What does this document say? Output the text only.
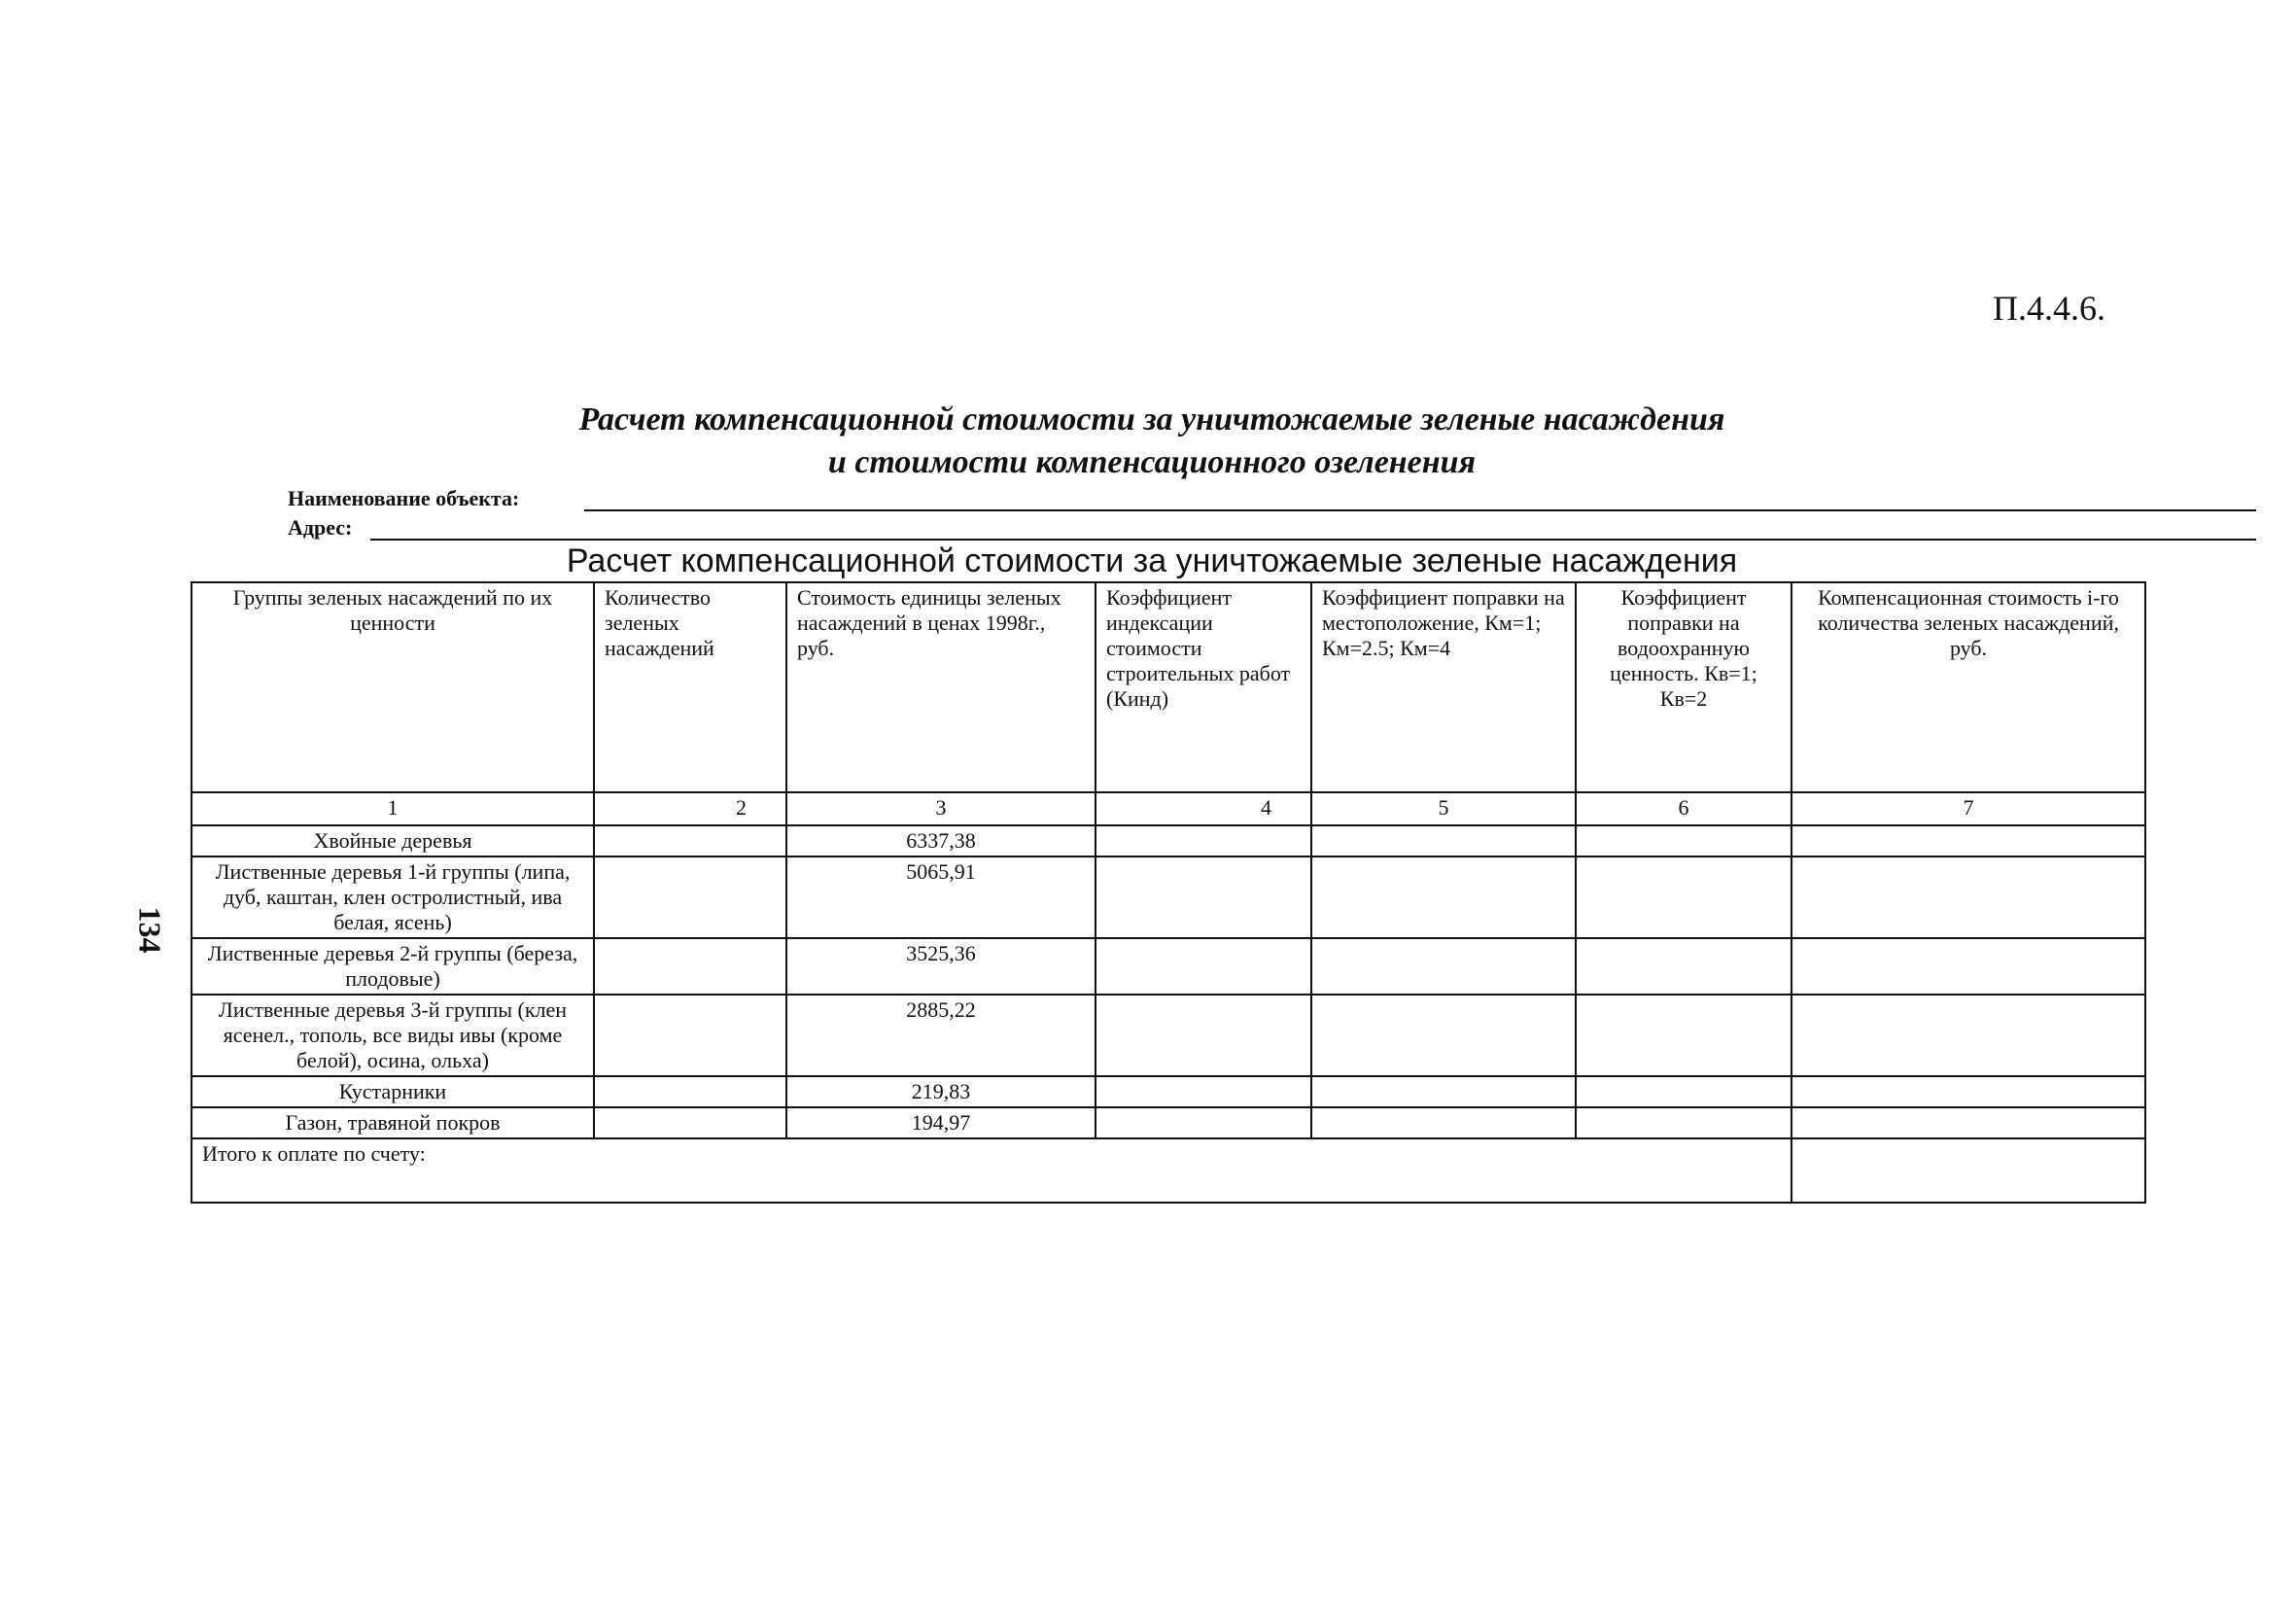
П.4.4.6.
134
Расчет компенсационной стоимости за уничтожаемые зеленые насаждения
и стоимости компенсационного озеленения
Наименование объекта:
Адрес:
Расчет компенсационной стоимости за уничтожаемые зеленые насаждения
Группы зеленых насаждений по их ценности	Количество зеленых насаждений	Стоимость единицы зеленых насаждений в ценах 1998г., руб.	Коэффициент индексации стоимости строительных работ (Кинд)	Коэффициент поправки на местоположение, Км=1; Км=2.5; Км=4	Коэффициент поправки на водоохранную ценность. Кв=1; Кв=2	Компенсационная стоимость i-го количества зеленых насаждений, руб.
1	2	3	4	5	6	7
Хвойные деревья		6337,38				
Лиственные деревья 1-й группы (липа, дуб, каштан, клен остролистный, ива белая, ясень)		5065,91				
Лиственные деревья 2-й группы (береза, плодовые)		3525,36				
Лиственные деревья 3-й группы (клен ясенел., тополь, все виды ивы (кроме белой), осина, ольха)		2885,22				
Кустарники		219,83				
Газон, травяной покров		194,97				
Итого к оплате по счету:						
